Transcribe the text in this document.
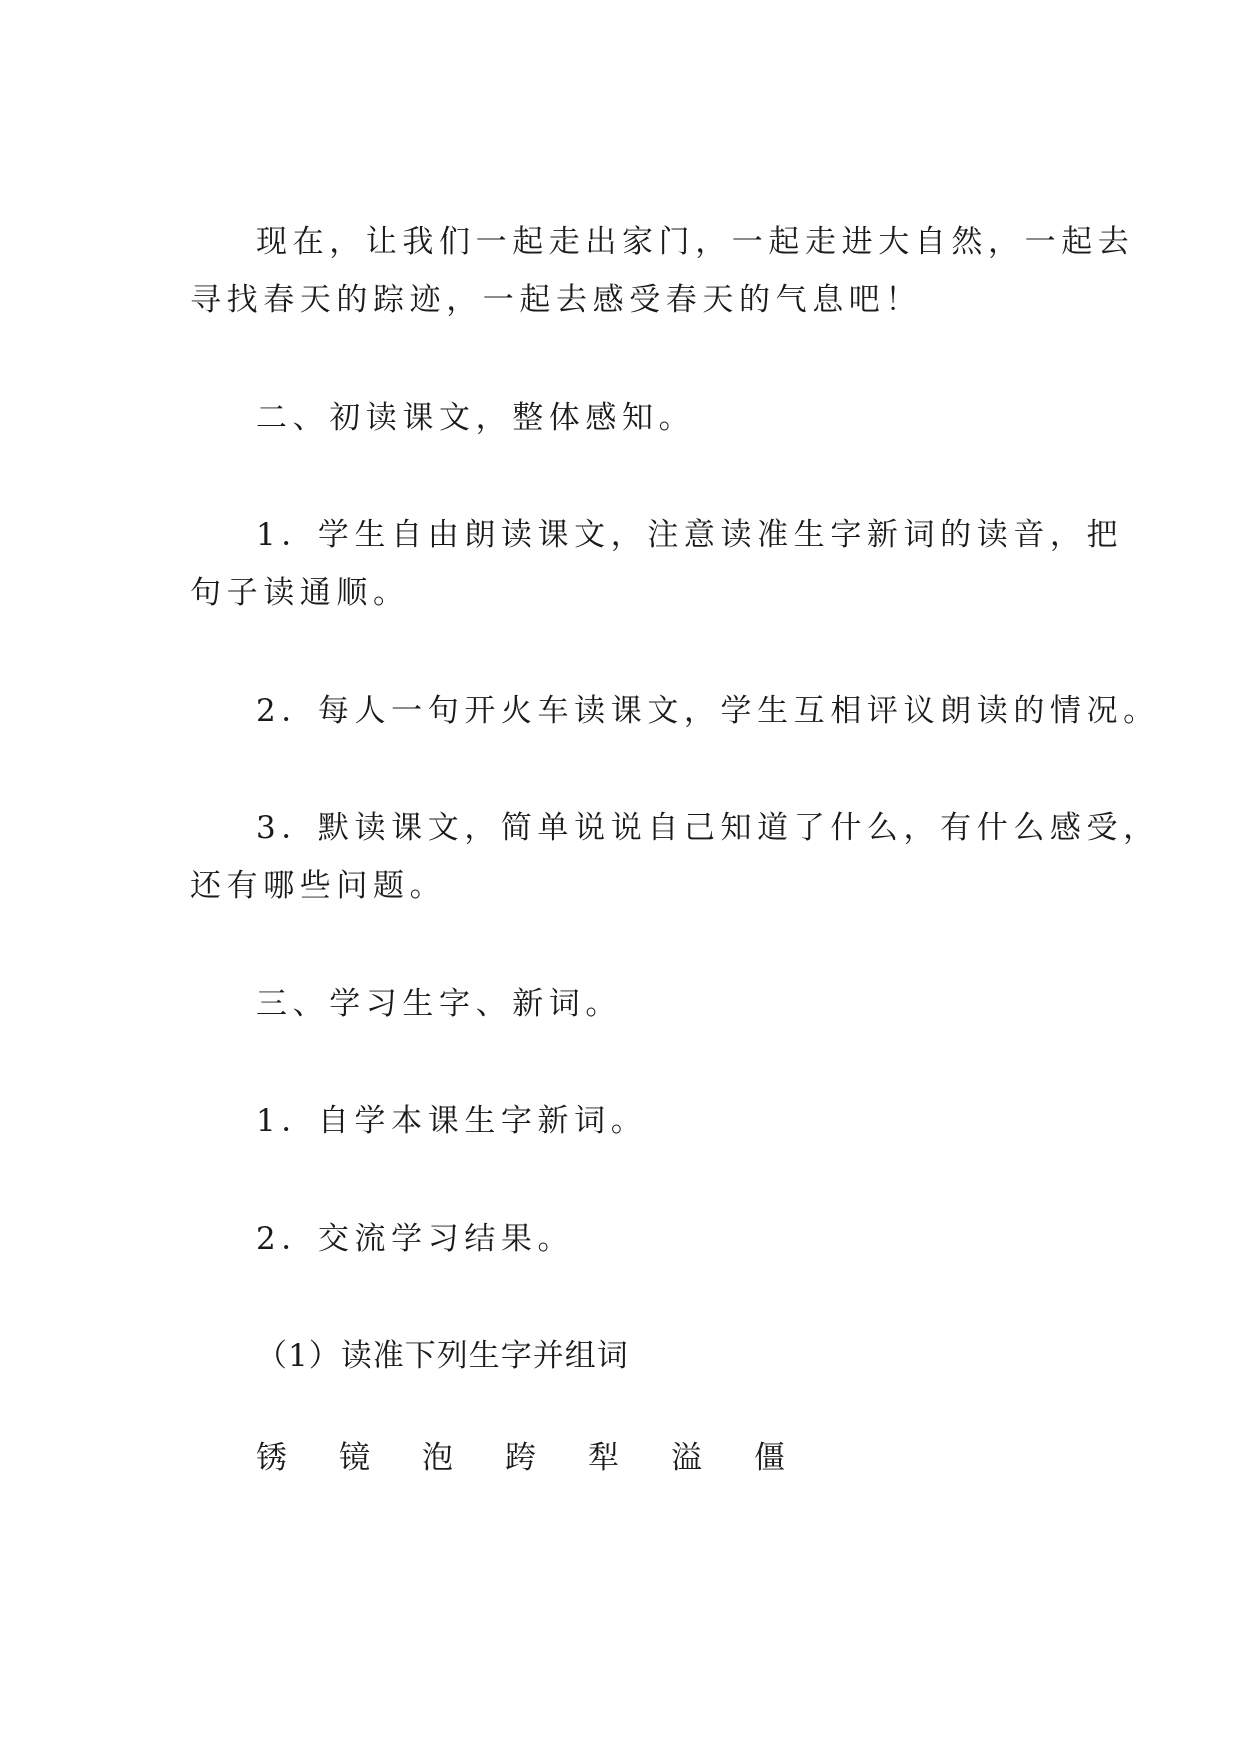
现在，让我们一起走出家门，一起走进大自然，一起去
寻找春天的踪迹，一起去感受春天的气息吧！
二、初读课文，整体感知。
1．学生自由朗读课文，注意读准生字新词的读音，把
句子读通顺。
2．每人一句开火车读课文，学生互相评议朗读的情况。
3．默读课文，简单说说自己知道了什么，有什么感受，
还有哪些问题。
三、学习生字、新词。
1．自学本课生字新词。
2．交流学习结果。
（1）读准下列生字并组词
锈 镜 泡 跨 犁 溢 僵
